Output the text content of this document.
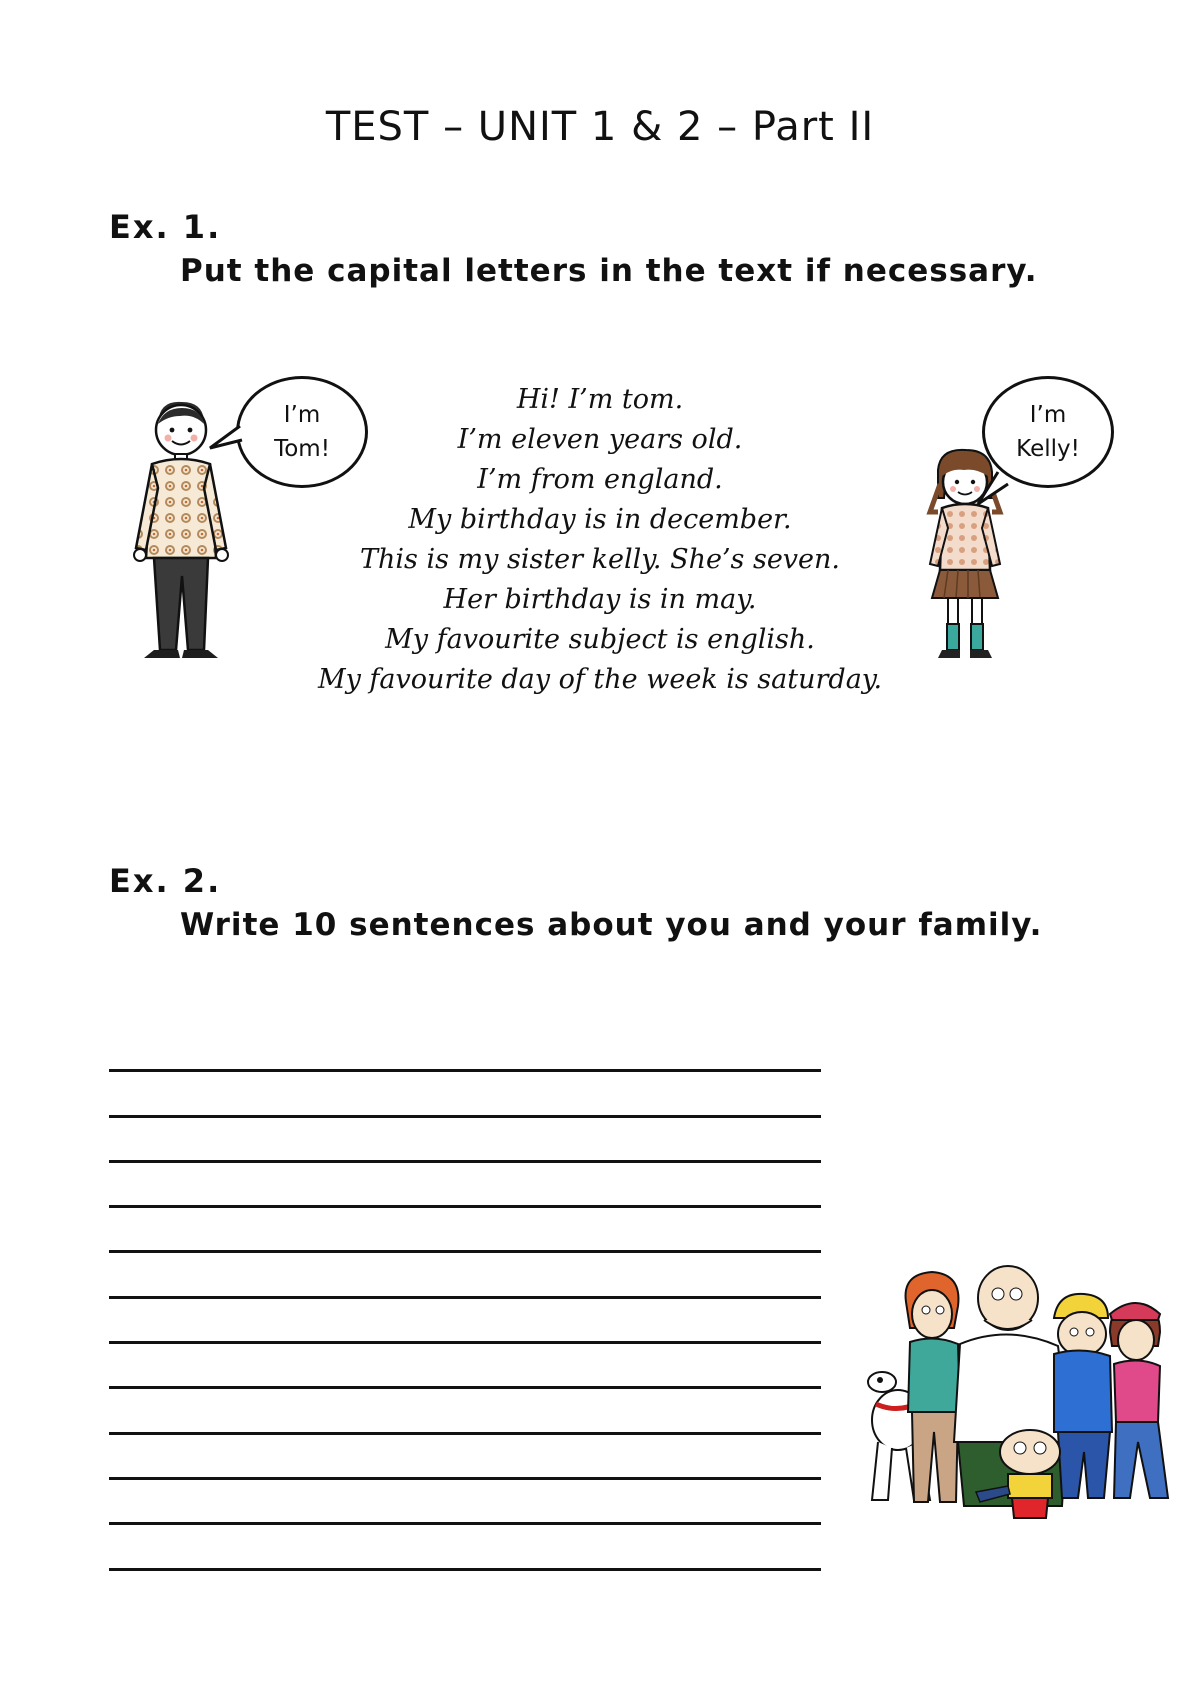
TEST – UNIT 1 & 2 – Part II
Ex. 1.
Put the capital letters in the text if necessary.
I’m
Tom!
Hi! I’m tom.
I’m eleven years old.
I’m from england.
My birthday is in december.
This is my sister kelly. She’s seven.
Her birthday is in may.
My favourite subject is english.
My favourite day of the week is saturday.
I’m
Kelly!
Ex. 2.
Write 10 sentences about you and your family.
